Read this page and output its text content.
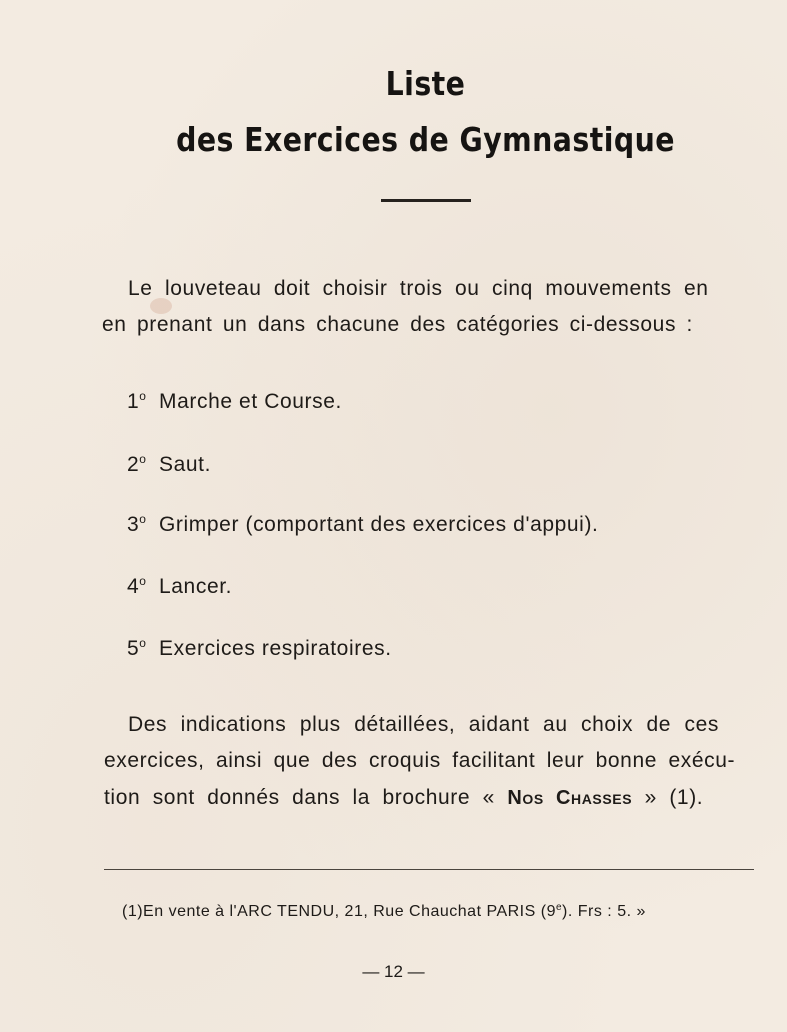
Liste
des Exercices de Gymnastique
Le louveteau doit choisir trois ou cinq mouvements en
en prenant un dans chacune des catégories ci-dessous :
1$^o$ Marche et Course.
2$^o$ Saut.
3$^o$ Grimper (comportant des exercices d'appui).
4$^o$ Lancer.
5$^o$ Exercices respiratoires.
Des indications plus détaillées, aidant au choix de ces
exercices, ainsi que des croquis facilitant leur bonne exécu-
tion sont donnés dans la brochure « Nos Chasses » (1).
(1)En vente à l'ARC TENDU, 21, Rue Chauchat PARIS (9e). Frs : 5. »
— 12 —
